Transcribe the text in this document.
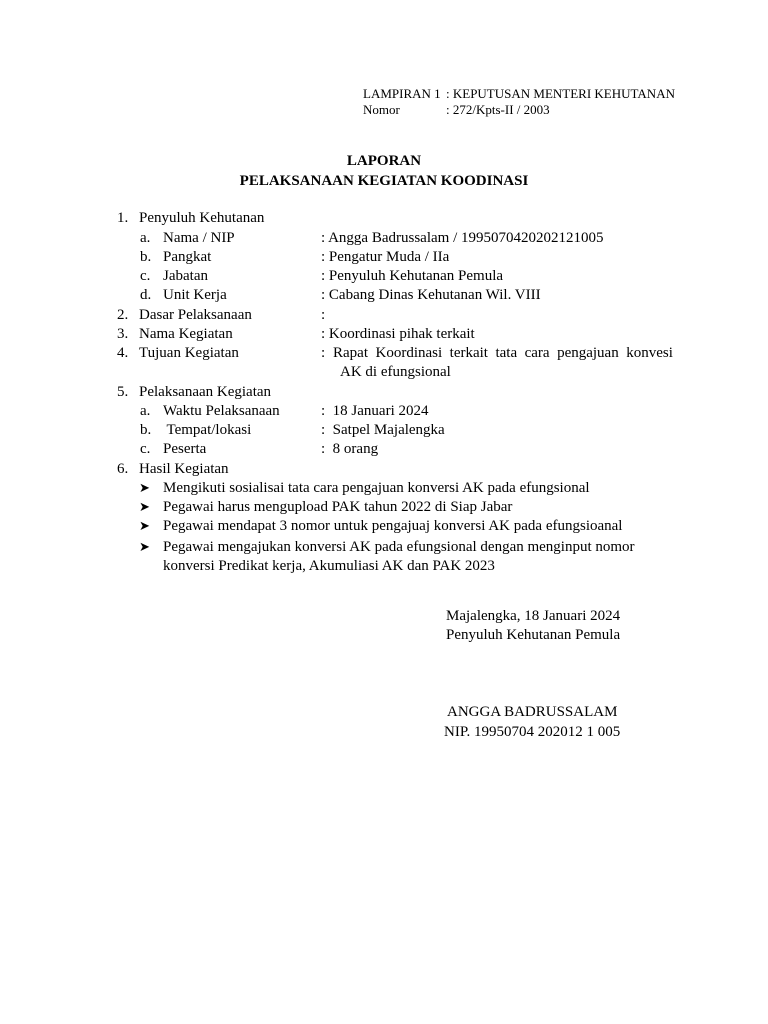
LAMPIRAN 1 : KEPUTUSAN MENTERI KEHUTANAN
Nomor	: 272/Kpts-II / 2003
LAPORAN
PELAKSANAAN KEGIATAN KOODINASI
1. Penyuluh Kehutanan
a. Nama / NIP	: Angga Badrussalam / 199507042020212100​5
b. Pangkat	: Pengatur Muda / IIa
c. Jabatan	: Penyuluh Kehutanan Pemula
d. Unit Kerja	: Cabang Dinas Kehutanan Wil. VIII
2. Dasar Pelaksanaan	:
3. Nama Kegiatan	: Koordinasi pihak terkait
4. Tujuan Kegiatan	: Rapat  Koordinasi  terkait  tata  cara  pengajuan  konvesi
AK di efungsional
5. Pelaksanaan Kegiatan
a. Waktu Pelaksanaan	:  18 Januari 2024
b. Tempat/lokasi	:  Satpel Majalengka
c. Peserta	:  8 orang
6. Hasil Kegiatan
➤ Mengikuti sosialisai tata cara pengajuan konversi AK pada efungsional
➤ Pegawai harus mengupload PAK tahun 2022 di Siap Jabar
➤ Pegawai mendapat 3 nomor untuk pengajuaj konversi AK pada efungsioanal
➤ Pegawai mengajukan konversi AK pada efungsional dengan menginput nomor
konversi Predikat kerja, Akumuliasi AK dan PAK 2023
Majalengka, 18 Januari 2024
Penyuluh Kehutanan Pemula
ANGGA BADRUSSALAM
NIP. 19950704 202012 1 005
